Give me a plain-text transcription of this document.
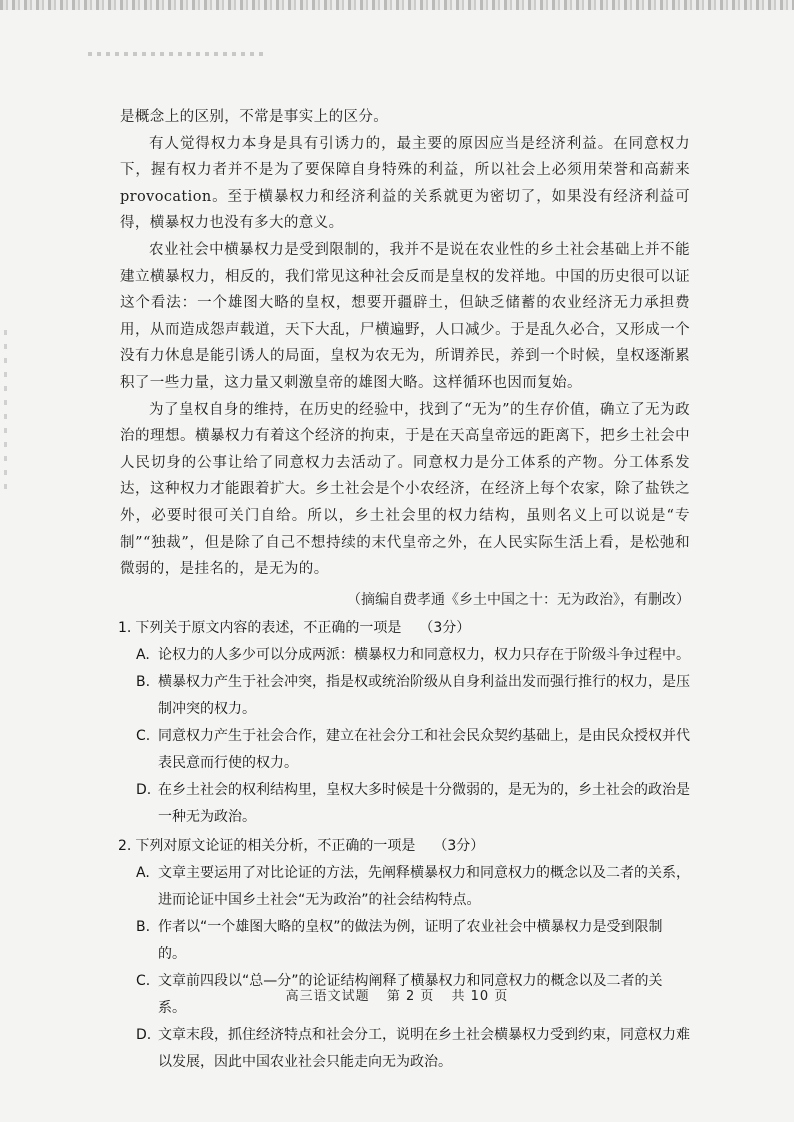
是概念上的区别，不常是事实上的区分。

有人觉得权力本身是具有引诱力的，最主要的原因应当是经济利益。在同意权力下，握有权力者并不是为了要保障自身特殊的利益，所以社会上必须用荣誉和高薪来provocation。至于横暴权力和经济利益的关系就更为密切了，如果没有经济利益可得，横暴权力也没有多大的意义。

农业社会中横暴权力是受到限制的，我并不是说在农业性的乡土社会基础上并不能建立横暴权力，相反的，我们常见这种社会反而是皇权的发祥地。中国的历史很可以证这个看法：一个雄图大略的皇权，想要开疆辟土，但缺乏储蓄的农业经济无力承担费用，从而造成怨声载道，天下大乱，尸横遍野，人口减少。于是乱久必合，又形成一个没有力休息是能引诱人的局面，皇权为农无为，所谓养民，养到一个时候，皇权逐渐累积了一些力量，这力量又刺激皇帝的雄图大略。这样循环也因而复始。

为了皇权自身的维持，在历史的经验中，找到了“无为”的生存价值，确立了无为政治的理想。横暴权力有着这个经济的拘束，于是在天高皇帝远的距离下，把乡土社会中人民切身的公事让给了同意权力去活动了。同意权力是分工体系的产物。分工体系发达，这种权力才能跟着扩大。乡土社会是个小农经济，在经济上每个农家，除了盐铁之外，必要时很可关门自给。所以，乡土社会里的权力结构，虽则名义上可以说是“专制”“独裁”，但是除了自己不想持续的末代皇帝之外，在人民实际生活上看，是松弛和微弱的，是挂名的，是无为的。

（摘编自费孝通《乡土中国之十：无为政治》，有删改）

1. 下列关于原文内容的表述，不正确的一项是 （3分）
A. 论权力的人多少可以分成两派：横暴权力和同意权力，权力只存在于阶级斗争过程中。
B. 横暴权力产生于社会冲突，指是权或统治阶级从自身利益出发而强行推行的权力，是压制冲突的权力。
C. 同意权力产生于社会合作，建立在社会分工和社会民众契约基础上，是由民众授权并代表民意而行使的权力。
D. 在乡土社会的权利结构里，皇权大多时候是十分微弱的，是无为的，乡土社会的政治是一种无为政治。
2. 下列对原文论证的相关分析，不正确的一项是 （3分）
A. 文章主要运用了对比论证的方法，先阐释横暴权力和同意权力的概念以及二者的关系，进而论证中国乡土社会“无为政治”的社会结构特点。
B. 作者以“一个雄图大略的皇权”的做法为例，证明了农业社会中横暴权力是受到限制的。
C. 文章前四段以“总—分”的论证结构阐释了横暴权力和同意权力的概念以及二者的关系。
D. 文章末段，抓住经济特点和社会分工，说明在乡土社会横暴权力受到约束，同意权力难以发展，因此中国农业社会只能走向无为政治。
高三语文试题 第 2 页 共 10 页
